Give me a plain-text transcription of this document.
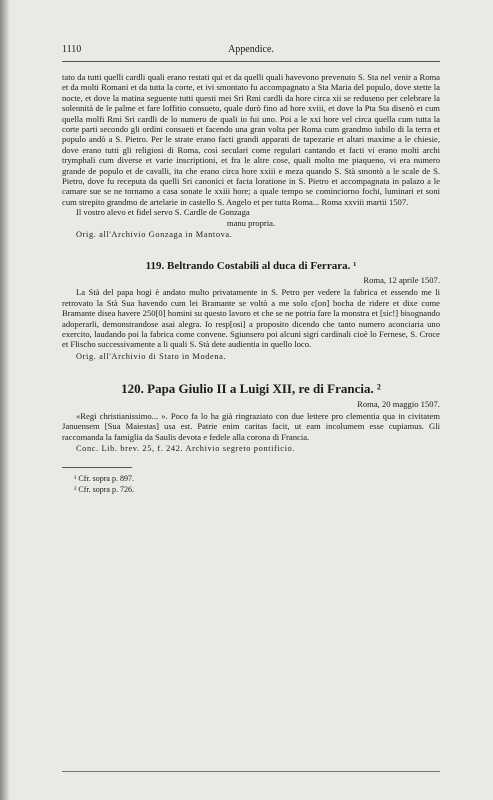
1110	Appendice.

tato da tutti quelli cardli quali erano restati qui et da quelli quali havevono prevenuto S. Sta nel venir a Roma et da molti Romani et da tutta la corte, et ivi smontato fu accompagnato a Sta Maria del populo, dove stette la nocte, et dove la matina seguente tutti questi mei Sri Rmi cardli da hore circa xii se reduseno per celebrare la solennità de le palme et fare loffitio consueto, quale durò fino ad hore xviii, et dove la Pta Sta disenò et cum quella molfi Rmi Sri cardli de lo numero de quali io fui uno. Poi a le xxi hore vel circa quella cum tutta la corte parti secondo gli ordini consueti et facendo una gran volta per Roma cum grandmo iubilo di la terra et populo andò a S. Pietro. Per le strate erano facti grandi apparati de tapezarie et altari maxime a le chiesie, dove erano tutti gli religiosi di Roma, così seculari come regulari cantando et facti vi erano molti archi trymphali cum diverse et varie inscriptioni, et fra le altre cose, quali molto me piaqueno, vi era numero grande de populo et de cavalli, ita che erano circa hore xxiii e meza quando S. Stà smontò a le scale de S. Pietro, dove fu receputa da quelli Sri canonici et facta loratione in S. Pietro et accompagnata in palazo a le camare sue se ne tornamo a casa sonate le xxiii hore; a quale tempo se cominciorno fochi, luminari et soni cum strepito grandmo de artelarie in castello S. Angelo et per tutta Roma... Roma xxviii martii 1507.

Il vostro alevo et fidel servo S. Cardle de Gonzaga

manu propria.

Orig. all'Archivio Gonzaga in Mantova.

119. Beltrando Costabili al duca di Ferrara. ¹

Roma, 12 aprile 1507.

La Stà del papa hogi è andato multo privatamente in S. Petro per vedere la fabrica et essendo me li retrovato la Stà Sua havendo cum lei Bramante se voltò a me solo c[on] bocha de ridere et dixe come Bramante disea havere 250[0] homini su questo lavoro et che se ne potria fare la monstra et [sic!] bisognando adoperarli, demonstrandose asai alegra. Io resp[osi] a proposito dicendo che tanto numero aconciaria uno exercito, laudando poi la fabrica come convene. Sgiunsero poi alcuni sigri cardinali cioè lo Fernese, S. Croce et Flischo successivamente a li quali S. Stà dete audientia in quello loco.

Orig. all'Archivio di Stato in Modena.

120. Papa Giulio II a Luigi XII, re di Francia. ²

Roma, 20 maggio 1507.

«Regi christianissimo... ». Poco fa lo ha già ringraziato con due lettere pro clementia qua in civitatem Januensem [Sua Maiestas] usa est. Patrie enim caritas facit, ut eam incolumem esse cupiamus. Gli raccomanda la famiglia da Saulis devota e fedele alla corona di Francia.

Conc. Lib. brev. 25, f. 242. Archivio segreto pontificio.

¹ Cfr. sopra p. 897.

² Cfr. sopra p. 726.
